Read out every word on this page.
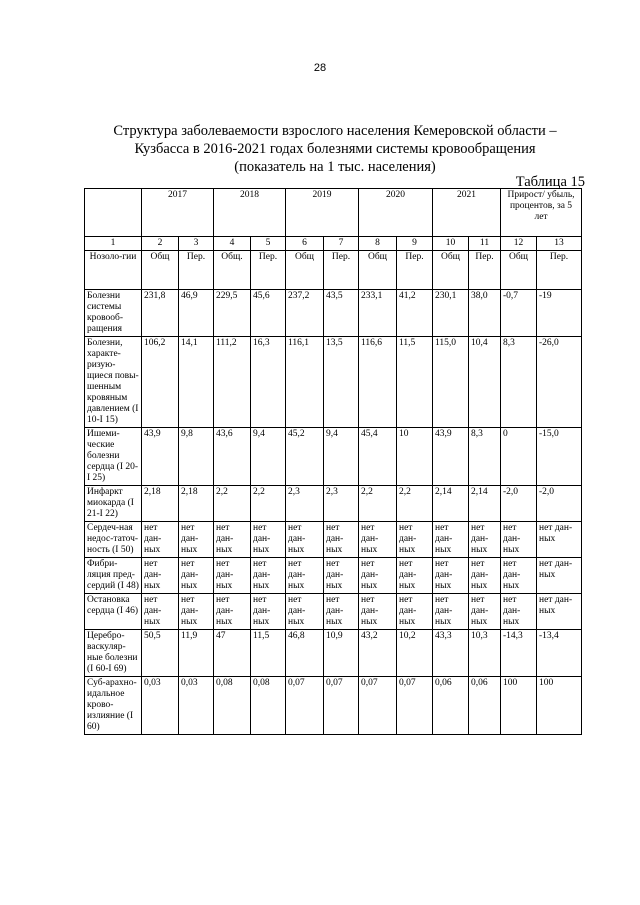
28
Структура заболеваемости взрослого населения Кемеровской области –
Кузбасса в 2016-2021 годах болезнями системы кровообращения
(показатель на 1 тыс. населения)
Таблица 15
	2017		2018		2019		2020		2021		Прирост/ убыль, процентов, за 5 лет	
1	2	3	4	5	6	7	8	9	10	11	12	13
Нозоло-гии	Общ	Пер.	Общ.	Пер.	Общ	Пер.	Общ	Пер.	Общ	Пер.	Общ	Пер.
Болезни системы кровооб-ращения	231,8	46,9	229,5	45,6	237,2	43,5	233,1	41,2	230,1	38,0	-0,7	-19
Болезни, характе-ризую-щиеся повы-шенным кровяным давлением (I 10-I 15)	106,2	14,1	111,2	16,3	116,1	13,5	116,6	11,5	115,0	10,4	8,3	-26,0
Ишеми-ческие болезни сердца (I 20-I 25)	43,9	9,8	43,6	9,4	45,2	9,4	45,4	10	43,9	8,3	0	-15,0
Инфаркт миокарда (I 21-I 22)	2,18	2,18	2,2	2,2	2,3	2,3	2,2	2,2	2,14	2,14	-2,0	-2,0
Сердеч-ная недос-таточ-ность (I 50)	нет дан-ных	нет дан-ных	нет дан-ных	нет дан-ных	нет дан-ных	нет дан-ных	нет дан-ных	нет дан-ных	нет дан-ных	нет дан-ных	нет дан-ных	нет дан-ных
Фибри-ляция пред-сердий (I 48)	нет дан-ных	нет дан-ных	нет дан-ных	нет дан-ных	нет дан-ных	нет дан-ных	нет дан-ных	нет дан-ных	нет дан-ных	нет дан-ных	нет дан-ных	нет дан-ных
Остановка сердца (I 46)	нет дан-ных	нет дан-ных	нет дан-ных	нет дан-ных	нет дан-ных	нет дан-ных	нет дан-ных	нет дан-ных	нет дан-ных	нет дан-ных	нет дан-ных	нет дан-ных
Церебро-васкуляр-ные болезни (I 60-I 69)	50,5	11,9	47	11,5	46,8	10,9	43,2	10,2	43,3	10,3	-14,3	-13,4
Суб-арахно-идальное крово-излияние (I 60)	0,03	0,03	0,08	0,08	0,07	0,07	0,07	0,07	0,06	0,06	100	100
